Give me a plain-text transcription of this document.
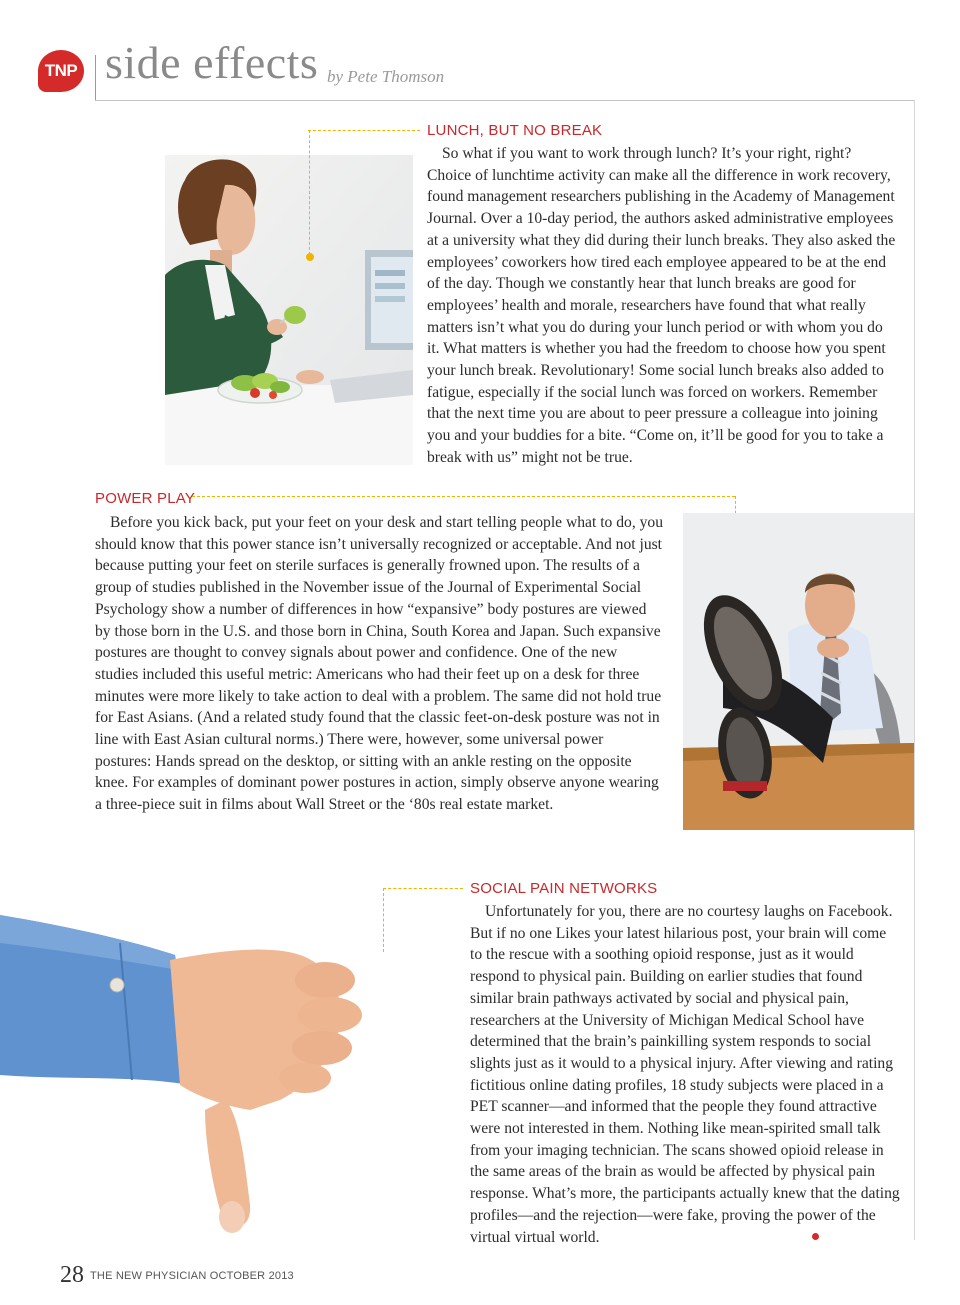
TNP side effects by Pete Thomson
LUNCH, BUT NO BREAK

So what if you want to work through lunch? It’s your right, right? Choice of lunchtime activity can make all the difference in work recovery, found management researchers publishing in the Academy of Management Journal. Over a 10-day period, the authors asked administrative employees at a university what they did during their lunch breaks. They also asked the employees’ coworkers how tired each employee appeared to be at the end of the day. Though we constantly hear that lunch breaks are good for employees’ health and morale, researchers have found that what really matters isn’t what you do during your lunch period or with whom you do it. What matters is whether you had the freedom to choose how you spent your lunch break. Revolutionary! Some social lunch breaks also added to fatigue, especially if the social lunch was forced on workers. Remember that the next time you are about to peer pressure a colleague into joining you and your buddies for a bite. “Come on, it’ll be good for you to take a break with us” might not be true.

POWER PLAY

Before you kick back, put your feet on your desk and start telling people what to do, you should know that this power stance isn’t universally recognized or acceptable. And not just because putting your feet on sterile surfaces is generally frowned upon. The results of a group of studies published in the November issue of the Journal of Experimental Social Psychology show a number of differences in how “expansive” body postures are viewed by those born in the U.S. and those born in China, South Korea and Japan. Such expansive postures are thought to convey signals about power and confidence. One of the new studies included this useful metric: Americans who had their feet up on a desk for three minutes were more likely to take action to deal with a problem. The same did not hold true for East Asians. (And a related study found that the classic feet-on-desk posture was not in line with East Asian cultural norms.) There were, however, some universal power postures: Hands spread on the desktop, or sitting with an ankle resting on the opposite knee. For examples of dominant power postures in action, simply observe anyone wearing a three-piece suit in films about Wall Street or the ‘80s real estate market.

SOCIAL PAIN NETWORKS

Unfortunately for you, there are no courtesy laughs on Facebook. But if no one Likes your latest hilarious post, your brain will come to the rescue with a soothing opioid response, just as it would respond to physical pain. Building on earlier studies that found similar brain pathways activated by social and physical pain, researchers at the University of Michigan Medical School have determined that the brain’s painkilling system responds to social slights just as it would to a physical injury. After viewing and rating fictitious online dating profiles, 18 study subjects were placed in a PET scanner—and informed that the people they found attractive were not interested in them. Nothing like mean-spirited small talk from your imaging technician. The scans showed opioid release in the same areas of the brain as would be affected by physical pain response. What’s more, the participants actually knew that the dating profiles—and the rejection—were fake, proving the power of the virtual virtual world.

28 THE NEW PHYSICIAN OCTOBER 2013
